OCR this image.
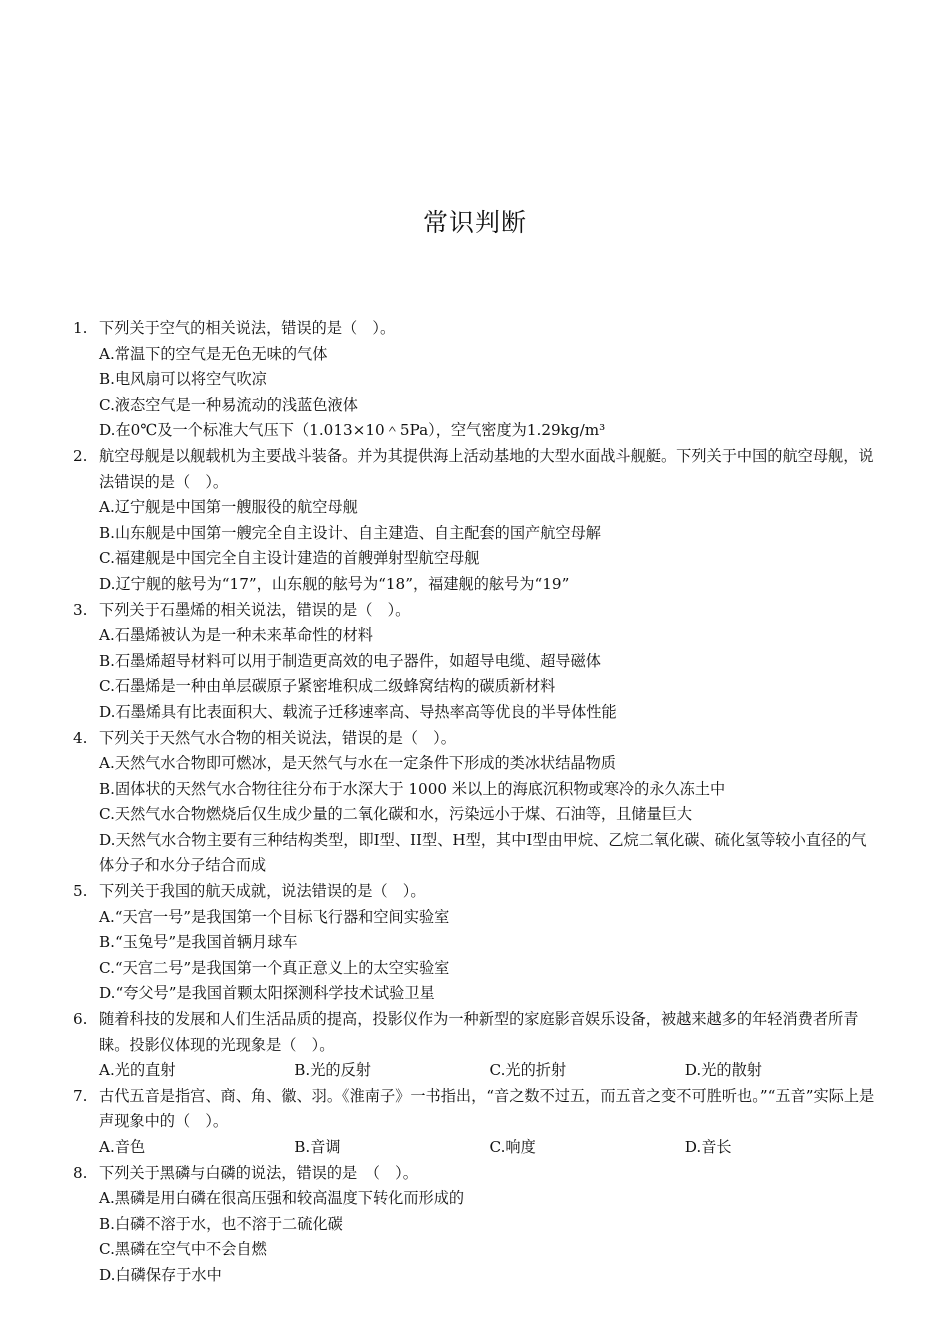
常识判断
1. 下列关于空气的相关说法，错误的是（　）。
A.常温下的空气是无色无味的气体
B.电风扇可以将空气吹凉
C.液态空气是一种易流动的浅蓝色液体
D.在0℃及一个标准大气压下（1.013×10＾5Pa），空气密度为1.29kg/m³
2. 航空母舰是以舰载机为主要战斗装备。并为其提供海上活动基地的大型水面战斗舰艇。下列关于中国的航空母舰，说法错误的是（　）。
A.辽宁舰是中国第一艘服役的航空母舰
B.山东舰是中国第一艘完全自主设计、自主建造、自主配套的国产航空母解
C.福建舰是中国完全自主设计建造的首艘弹射型航空母舰
D.辽宁舰的舷号为“17”，山东舰的舷号为“18”，福建舰的舷号为“19”
3. 下列关于石墨烯的相关说法，错误的是（　）。
A.石墨烯被认为是一种未来革命性的材料
B.石墨烯超导材料可以用于制造更高效的电子器件，如超导电缆、超导磁体
C.石墨烯是一种由单层碳原子紧密堆积成二级蜂窝结构的碳质新材料
D.石墨烯具有比表面积大、载流子迁移速率高、导热率高等优良的半导体性能
4. 下列关于天然气水合物的相关说法，错误的是（　）。
A.天然气水合物即可燃冰，是天然气与水在一定条件下形成的类冰状结晶物质
B.固体状的天然气水合物往往分布于水深大于 1000 米以上的海底沉积物或寒冷的永久冻土中
C.天然气水合物燃烧后仅生成少量的二氧化碳和水，污染远小于煤、石油等，且储量巨大
D.天然气水合物主要有三种结构类型，即I型、II型、H型，其中I型由甲烷、乙烷二氧化碳、硫化氢等较小直径的气体分子和水分子结合而成
5. 下列关于我国的航天成就，说法错误的是（　）。
A.“天宫一号”是我国第一个目标飞行器和空间实验室
B.“玉兔号”是我国首辆月球车
C.“天宫二号”是我国第一个真正意义上的太空实验室
D.“夸父号”是我国首颗太阳探测科学技术试验卫星
6. 随着科技的发展和人们生活品质的提高，投影仪作为一种新型的家庭影音娱乐设备，被越来越多的年轻消费者所青睐。投影仪体现的光现象是（　）。
A.光的直射	B.光的反射	C.光的折射	D.光的散射
7. 古代五音是指宫、商、角、徽、羽。《淮南子》一书指出，“音之数不过五，而五音之变不可胜听也。”“五音”实际上是声现象中的（　）。
A.音色	B.音调	C.响度	D.音长
8. 下列关于黑磷与白磷的说法，错误的是　（　）。
A.黑磷是用白磷在很高压强和较高温度下转化而形成的
B.白磷不溶于水，也不溶于二硫化碳
C.黑磷在空气中不会自燃
D.白磷保存于水中
